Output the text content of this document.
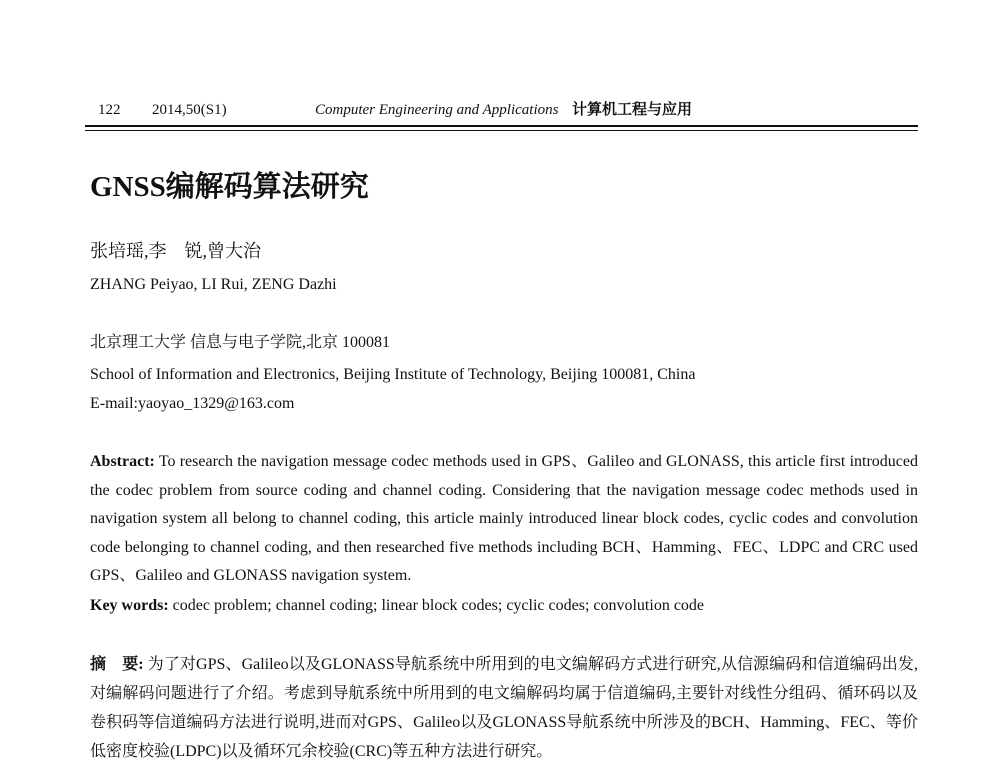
122 2014,50(S1)	Computer Engineering and Applications 计算机工程与应用
GNSS编解码算法研究
张培瑶,李　锐,曾大治
ZHANG Peiyao, LI Rui, ZENG Dazhi
北京理工大学 信息与电子学院,北京 100081
School of Information and Electronics, Beijing Institute of Technology, Beijing 100081, China
E-mail:yaoyao_1329@163.com
Abstract: To research the navigation message codec methods used in GPS、Galileo and GLONASS, this article first introduced the codec problem from source coding and channel coding. Considering that the navigation message codec methods used in navigation system all belong to channel coding, this article mainly introduced linear block codes, cyclic codes and convolution code belonging to channel coding, and then researched five methods including BCH、Hamming、FEC、LDPC and CRC used GPS、Galileo and GLONASS navigation system.
Key words: codec problem; channel coding; linear block codes; cyclic codes; convolution code
摘　要: 为了对GPS、Galileo以及GLONASS导航系统中所用到的电文编解码方式进行研究,从信源编码和信道编码出发,对编解码问题进行了介绍。考虑到导航系统中所用到的电文编解码均属于信道编码,主要针对线性分组码、循环码以及卷积码等信道编码方法进行说明,进而对GPS、Galileo以及GLONASS导航系统中所涉及的BCH、Hamming、FEC、等价低密度校验(LDPC)以及循环冗余校验(CRC)等五种方法进行研究。
